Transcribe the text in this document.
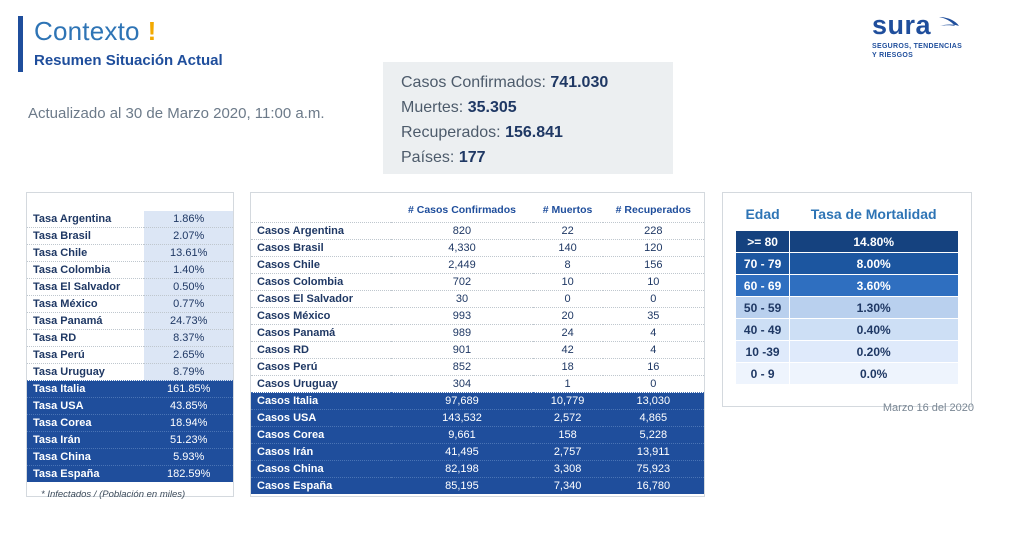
Contexto !
Resumen Situación Actual
Actualizado al 30 de Marzo 2020, 11:00 a.m.
sura
SEGUROS, TENDENCIAS
Y RIESGOS
Casos Confirmados: 741.030
Muertes: 35.305
Recuperados: 156.841
Países: 177
Tasa Argentina	1.86%
Tasa Brasil	2.07%
Tasa Chile	13.61%
Tasa Colombia	1.40%
Tasa El Salvador	0.50%
Tasa México	0.77%
Tasa Panamá	24.73%
Tasa RD	8.37%
Tasa Perú	2.65%
Tasa Uruguay	8.79%
Tasa Italia	161.85%
Tasa USA	43.85%
Tasa Corea	18.94%
Tasa Irán	51.23%
Tasa China	5.93%
Tasa España	182.59%
* Infectados / (Población en miles)
	# Casos Confirmados	# Muertos	# Recuperados
Casos Argentina	820	22	228
Casos Brasil	4,330	140	120
Casos Chile	2,449	8	156
Casos Colombia	702	10	10
Casos El Salvador	30	0	0
Casos México	993	20	35
Casos Panamá	989	24	4
Casos RD	901	42	4
Casos Perú	852	18	16
Casos Uruguay	304	1	0
Casos Italia	97,689	10,779	13,030
Casos USA	143,532	2,572	4,865
Casos Corea	9,661	158	5,228
Casos Irán	41,495	2,757	13,911
Casos China	82,198	3,308	75,923
Casos España	85,195	7,340	16,780
Edad	Tasa de Mortalidad
>= 80	14.80%
70 - 79	8.00%
60 - 69	3.60%
50 - 59	1.30%
40 - 49	0.40%
10 -39	0.20%
0 - 9	0.0%
Marzo 16 del 2020
